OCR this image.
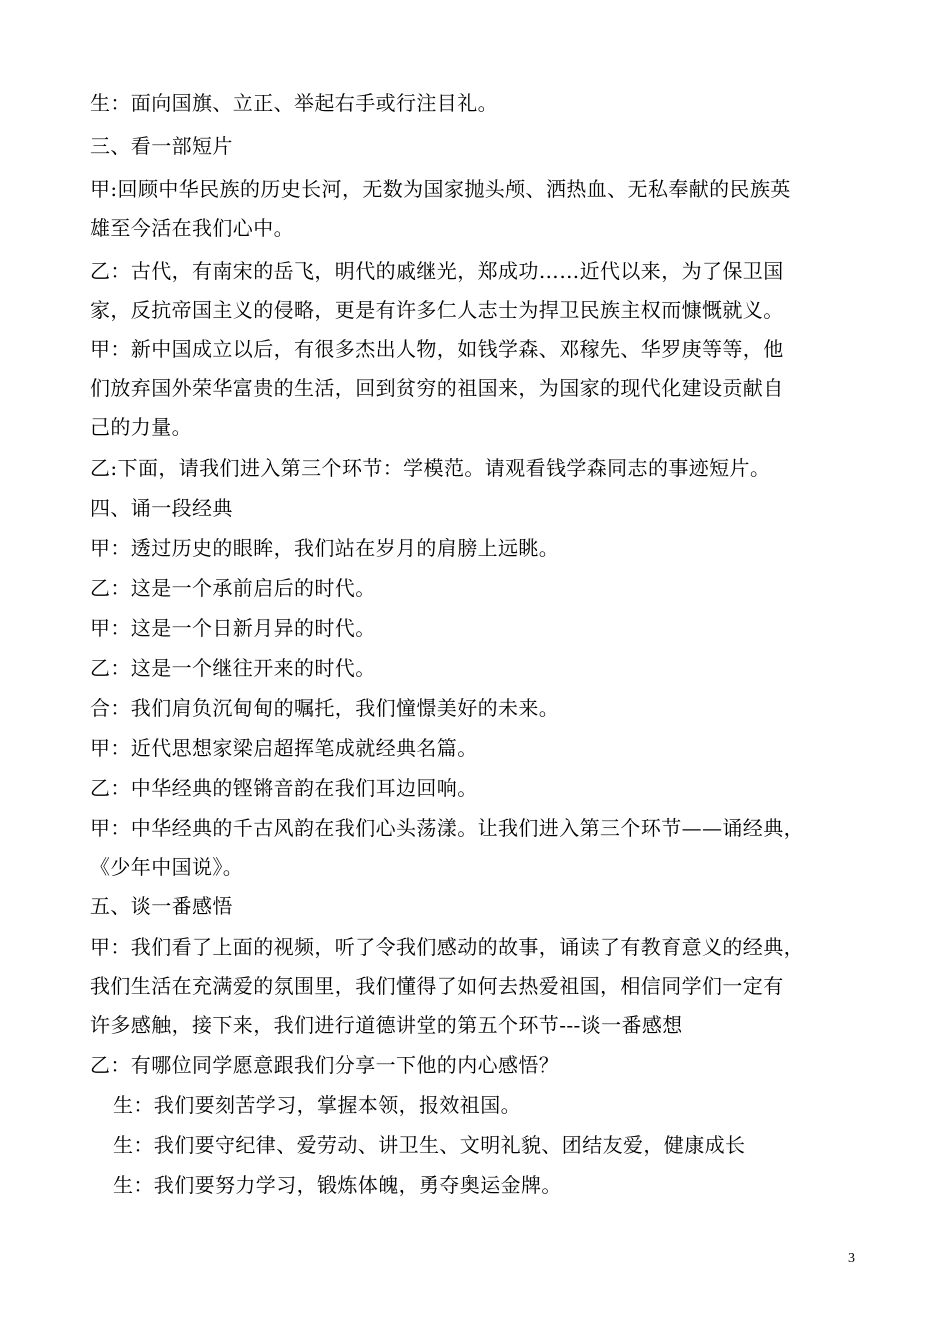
生：面向国旗、立正、举起右手或行注目礼。
三、看一部短片
甲:回顾中华民族的历史长河，无数为国家抛头颅、洒热血、无私奉献的民族英
雄至今活在我们心中。
乙：古代，有南宋的岳飞，明代的戚继光，郑成功……近代以来，为了保卫国
家，反抗帝国主义的侵略，更是有许多仁人志士为捍卫民族主权而慷慨就义。
甲：新中国成立以后，有很多杰出人物，如钱学森、邓稼先、华罗庚等等，他
们放弃国外荣华富贵的生活，回到贫穷的祖国来，为国家的现代化建设贡献自
己的力量。
乙:下面，请我们进入第三个环节：学模范。请观看钱学森同志的事迹短片。
四、诵一段经典
甲：透过历史的眼眸，我们站在岁月的肩膀上远眺。
乙：这是一个承前启后的时代。
甲：这是一个日新月异的时代。
乙：这是一个继往开来的时代。
合：我们肩负沉甸甸的嘱托，我们憧憬美好的未来。
甲：近代思想家梁启超挥笔成就经典名篇。
乙：中华经典的铿锵音韵在我们耳边回响。
甲：中华经典的千古风韵在我们心头荡漾。让我们进入第三个环节——诵经典，
《少年中国说》。
五、谈一番感悟
甲：我们看了上面的视频，听了令我们感动的故事，诵读了有教育意义的经典，
我们生活在充满爱的氛围里，我们懂得了如何去热爱祖国，相信同学们一定有
许多感触，接下来，我们进行道德讲堂的第五个环节---谈一番感想
乙：有哪位同学愿意跟我们分享一下他的内心感悟？
生：我们要刻苦学习，掌握本领，报效祖国。
生：我们要守纪律、爱劳动、讲卫生、文明礼貌、团结友爱，健康成长
生：我们要努力学习，锻炼体魄，勇夺奥运金牌。
3
